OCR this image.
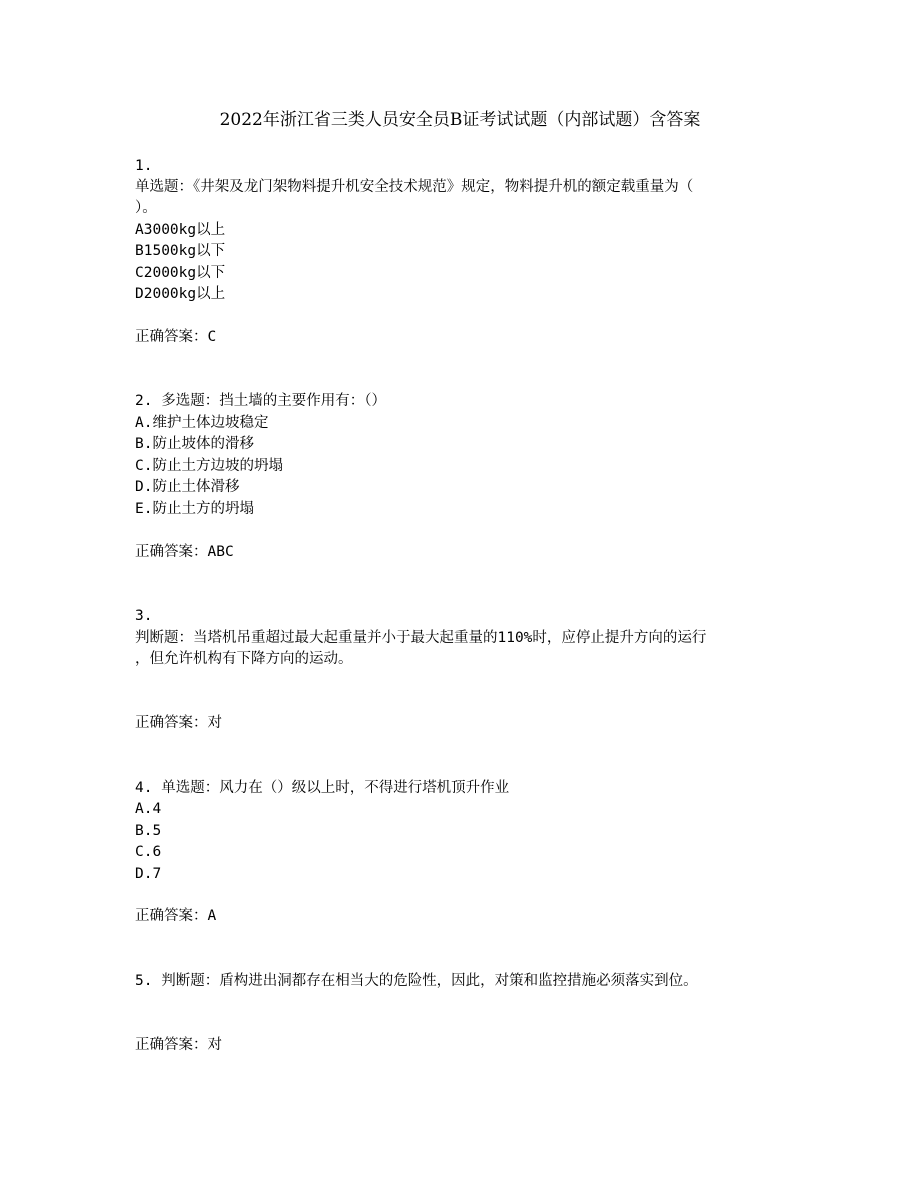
2022年浙江省三类人员安全员B证考试试题（内部试题）含答案
1.
单选题：《井架及龙门架物料提升机安全技术规范》规定，物料提升机的额定载重量为（
）。
A3000kg以上
B1500kg以下
C2000kg以下
D2000kg以上
正确答案：C
2. 多选题：挡土墙的主要作用有：（）
A.维护土体边坡稳定
B.防止坡体的滑移
C.防止土方边坡的坍塌
D.防止土体滑移
E.防止土方的坍塌
正确答案：ABC
3.
判断题：当塔机吊重超过最大起重量并小于最大起重量的110%时，应停止提升方向的运行
，但允许机构有下降方向的运动。
正确答案：对
4. 单选题：风力在（）级以上时，不得进行塔机顶升作业
A.4
B.5
C.6
D.7
正确答案：A
5. 判断题：盾构进出洞都存在相当大的危险性，因此，对策和监控措施必须落实到位。
正确答案：对
